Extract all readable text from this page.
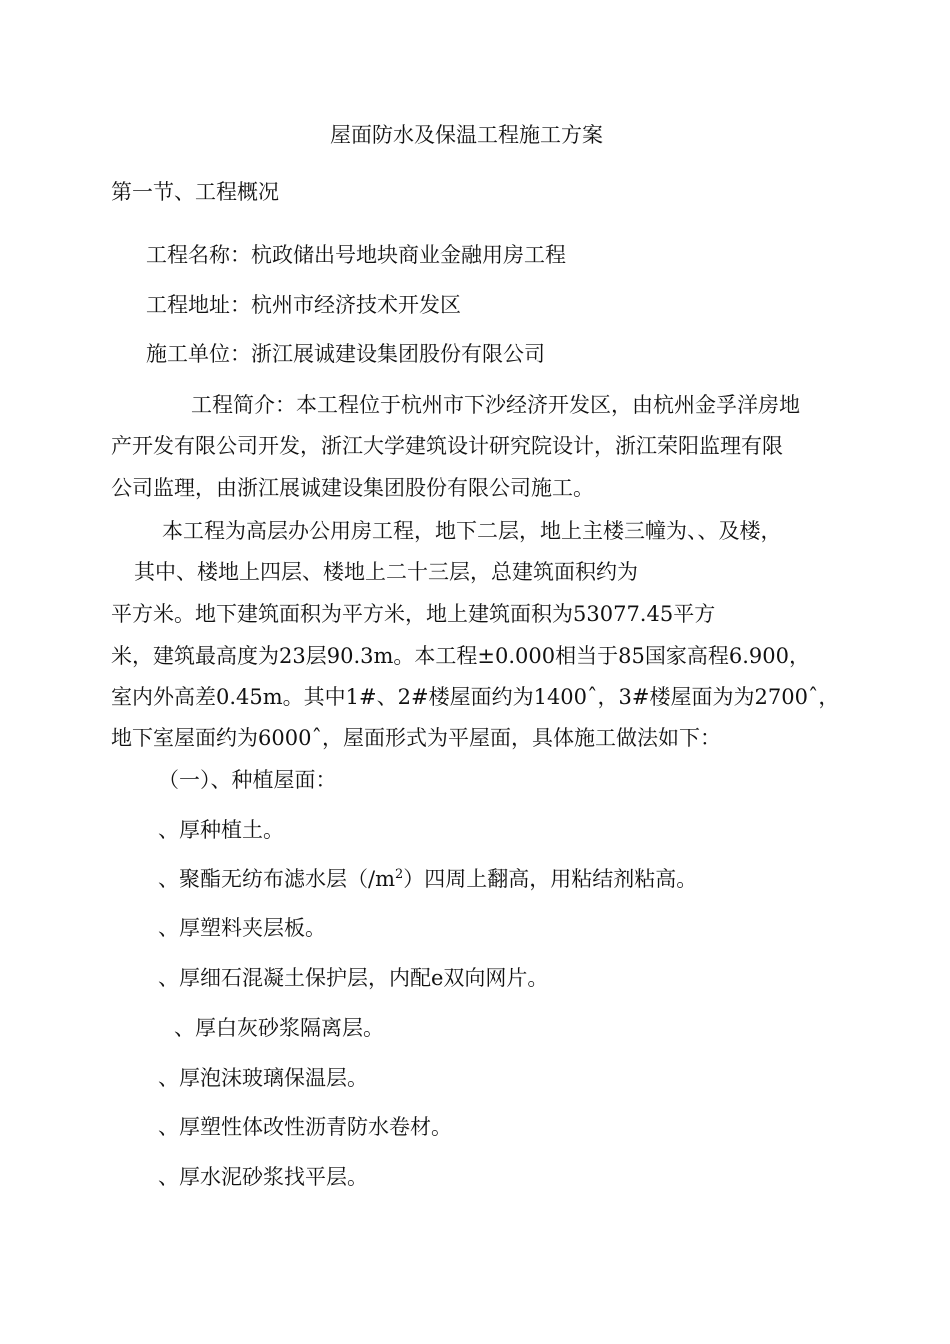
屋面防水及保温工程施工方案
第一节、工程概况
工程名称：杭政储出号地块商业金融用房工程
工程地址：杭州市经济技术开发区
施工单位：浙江展诚建设集团股份有限公司
工程简介：本工程位于杭州市下沙经济开发区，由杭州金孚洋房地
产开发有限公司开发，浙江大学建筑设计研究院设计，浙江荣阳监理有限
公司监理，由浙江展诚建设集团股份有限公司施工。
本工程为高层办公用房工程，地下二层，地上主楼三幢为、、及楼，
其中、楼地上四层、楼地上二十三层，总建筑面积约为
平方米。地下建筑面积为平方米，地上建筑面积为53077.45平方
米，建筑最高度为23层90.3m。本工程±0.000相当于85国家高程6.900，
室内外高差0.45m。其中1#、2#楼屋面约为1400ˆ，3#楼屋面为为2700ˆ，
地下室屋面约为6000ˆ，屋面形式为平屋面，具体施工做法如下：
（一）、种植屋面：
、厚种植土。
、聚酯无纺布滤水层$(/m^2)$四周上翻高，用粘结剂粘高。
、厚塑料夹层板。
、厚细石混凝土保护层，内配e双向网片。
、厚白灰砂浆隔离层。
、厚泡沫玻璃保温层。
、厚塑性体改性沥青防水卷材。
、厚水泥砂浆找平层。
